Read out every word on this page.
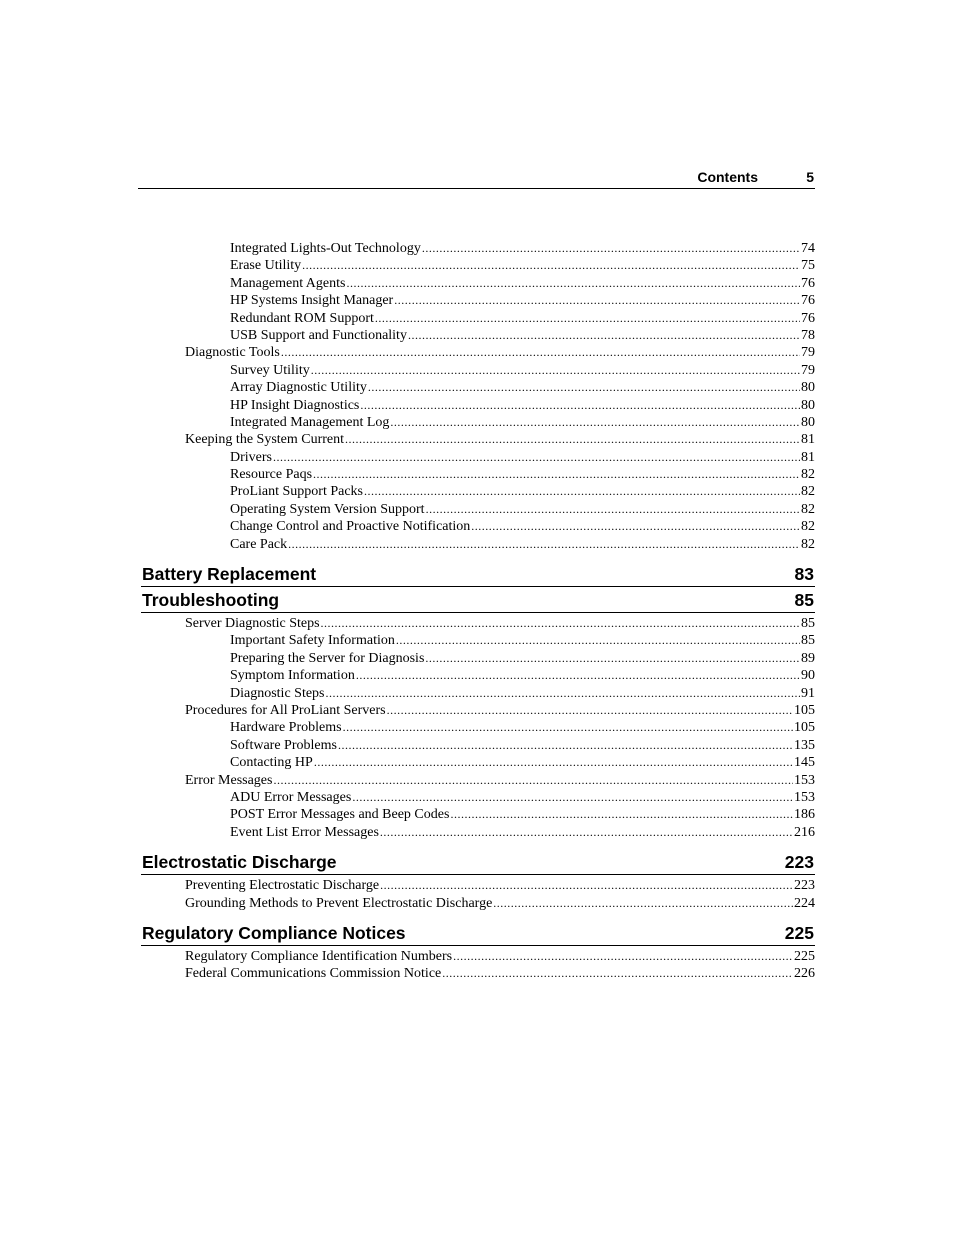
Contents	5
Integrated Lights-Out Technology .....	74
Erase Utility .....	75
Management Agents .....	76
HP Systems Insight Manager .....	76
Redundant ROM Support .....	76
USB Support and Functionality .....	78
Diagnostic Tools .....	79
Survey Utility .....	79
Array Diagnostic Utility .....	80
HP Insight Diagnostics .....	80
Integrated Management Log .....	80
Keeping the System Current .....	81
Drivers .....	81
Resource Paqs .....	82
ProLiant Support Packs .....	82
Operating System Version Support .....	82
Change Control and Proactive Notification .....	82
Care Pack .....	82
Battery Replacement	83
Troubleshooting	85
Server Diagnostic Steps .....	85
Important Safety Information .....	85
Preparing the Server for Diagnosis .....	89
Symptom Information .....	90
Diagnostic Steps .....	91
Procedures for All ProLiant Servers .....	105
Hardware Problems .....	105
Software Problems .....	135
Contacting HP .....	145
Error Messages .....	153
ADU Error Messages .....	153
POST Error Messages and Beep Codes .....	186
Event List Error Messages .....	216
Electrostatic Discharge	223
Preventing Electrostatic Discharge .....	223
Grounding Methods to Prevent Electrostatic Discharge .....	224
Regulatory Compliance Notices	225
Regulatory Compliance Identification Numbers .....	225
Federal Communications Commission Notice .....	226
